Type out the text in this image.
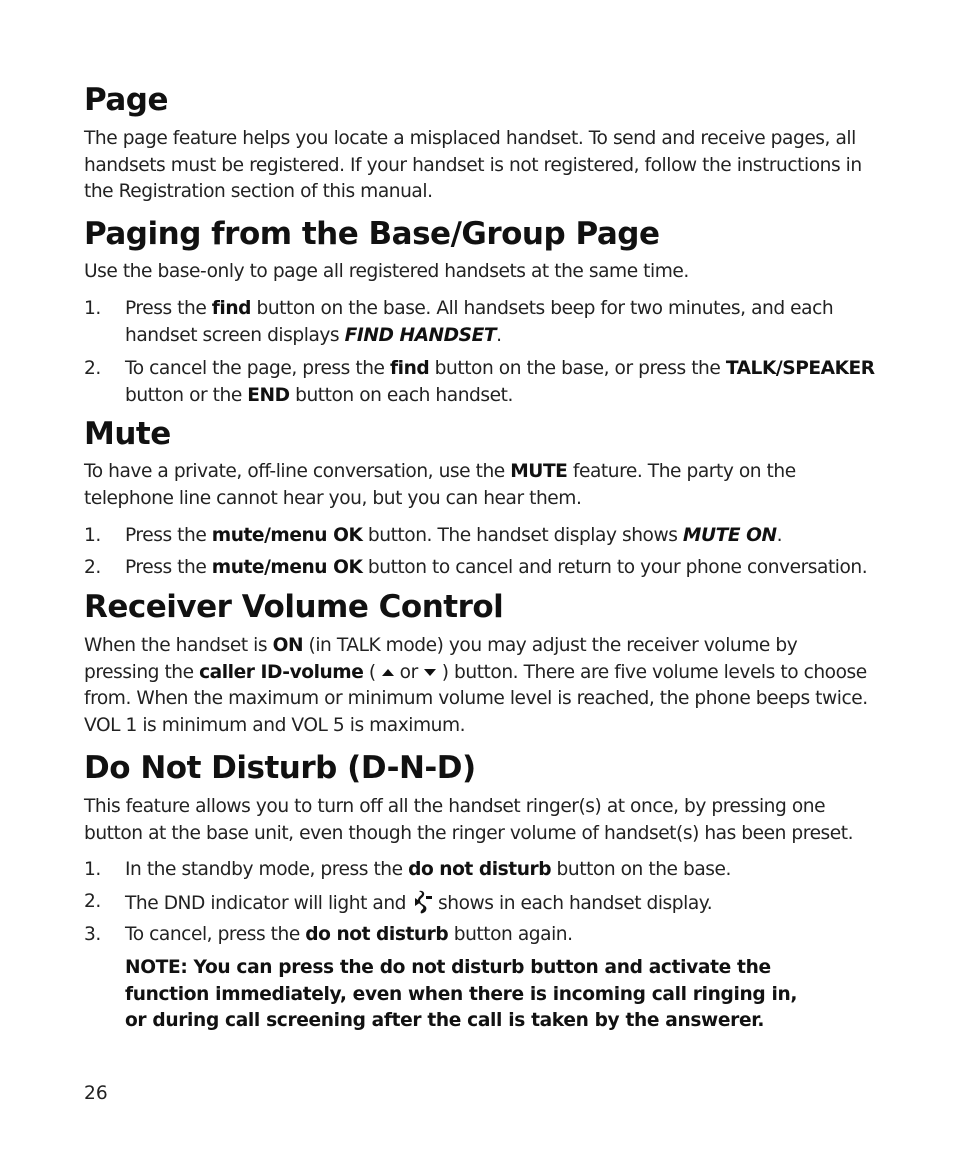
Page
The page feature helps you locate a misplaced handset. To send and receive pages, all
handsets must be registered. If your handset is not registered, follow the instructions in
the Registration section of this manual.
Paging from the Base/Group Page
Use the base-only to page all registered handsets at the same time.
1. Press the find button on the base. All handsets beep for two minutes, and each
handset screen displays FIND HANDSET.
2. To cancel the page, press the find button on the base, or press the TALK/SPEAKER
button or the END button on each handset.
Mute
To have a private, off-line conversation, use the MUTE feature. The party on the
telephone line cannot hear you, but you can hear them.
1. Press the mute/menu OK button. The handset display shows MUTE ON.
2. Press the mute/menu OK button to cancel and return to your phone conversation.
Receiver Volume Control
When the handset is ON (in TALK mode) you may adjust the receiver volume by
pressing the caller ID-volume ( or ) button. There are five volume levels to choose
from. When the maximum or minimum volume level is reached, the phone beeps twice.
VOL 1 is minimum and VOL 5 is maximum.
Do Not Disturb (D-N-D)
This feature allows you to turn off all the handset ringer(s) at once, by pressing one
button at the base unit, even though the ringer volume of handset(s) has been preset.
1. In the standby mode, press the do not disturb button on the base.
2. The DND indicator will light and shows in each handset display.
3. To cancel, press the do not disturb button again.
NOTE: You can press the do not disturb button and activate the
function immediately, even when there is incoming call ringing in,
or during call screening after the call is taken by the answerer.
26
